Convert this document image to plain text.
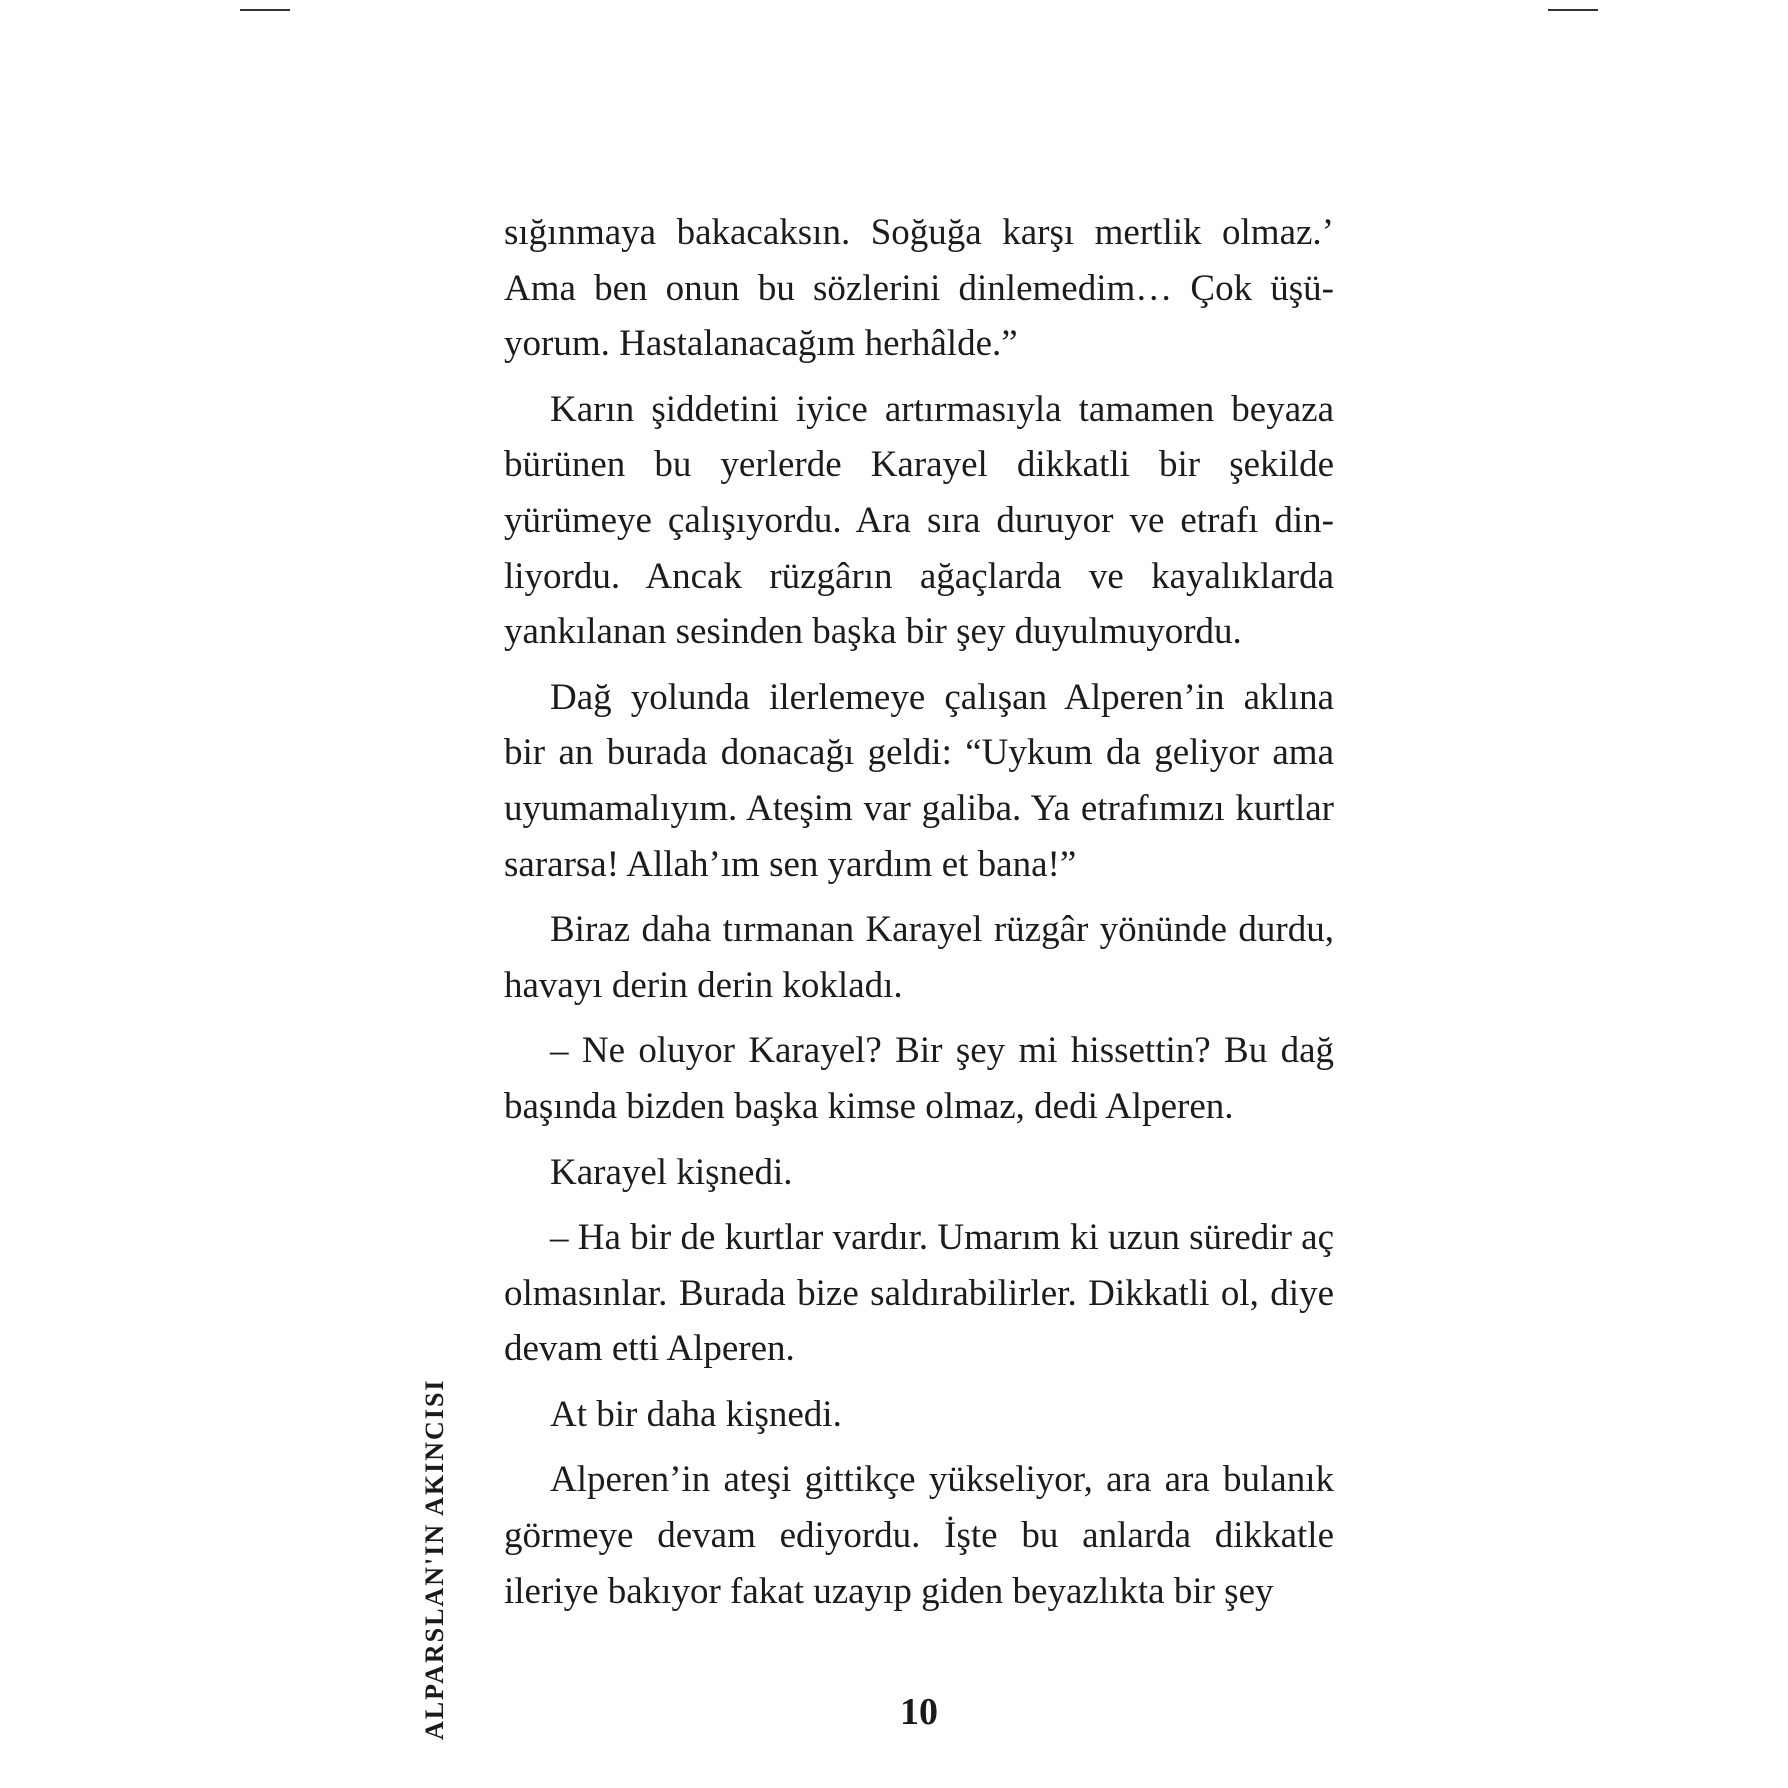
sığınmaya bakacaksın. Soğuğa karşı mertlik olmaz.’ Ama ben onun bu sözlerini dinlemedim… Çok üşüyorum. Hastalanacağım herhâlde.”

Karın şiddetini iyice artırmasıyla tamamen beyaza bürünen bu yerlerde Karayel dikkatli bir şekilde yürümeye çalışıyordu. Ara sıra duruyor ve etrafı dinliyordu. Ancak rüzgârın ağaçlarda ve kayalıklarda yankılanan sesinden başka bir şey duyulmuyordu.

Dağ yolunda ilerlemeye çalışan Alperen’in aklına bir an burada donacağı geldi: “Uykum da geliyor ama uyumamalıyım. Ateşim var galiba. Ya etrafımızı kurtlar sararsa! Allah’ım sen yardım et bana!”

Biraz daha tırmanan Karayel rüzgâr yönünde durdu, havayı derin derin kokladı.

– Ne oluyor Karayel? Bir şey mi hissettin? Bu dağ başında bizden başka kimse olmaz, dedi Alperen.

Karayel kişnedi.

– Ha bir de kurtlar vardır. Umarım ki uzun süredir aç olmasınlar. Burada bize saldırabilirler. Dikkatli ol, diye devam etti Alperen.

At bir daha kişnedi.

Alperen’in ateşi gittikçe yükseliyor, ara ara bulanık görmeye devam ediyordu. İşte bu anlarda dikkatle ileriye bakıyor fakat uzayıp giden beyazlıkta bir şey

10
ALPARSLAN'IN AKINCISI
